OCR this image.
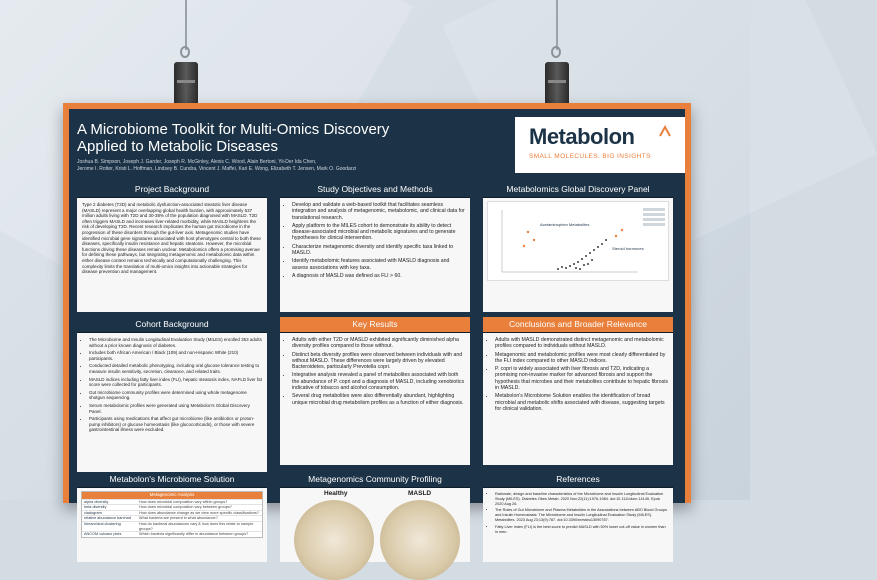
A Microbiome Toolkit for Multi-Omics Discovery
Applied to Metabolic Diseases
Joshua B. Simpson, Joseph J. Garder, Joseph R. McGinley, Alexis C. Wood, Alain Bertoni, Yii-Der Ida Chen,
Jerome I. Rotter, Kristi L. Hoffman, Lindsey B. Cundra, Vincent J. Maffei, Kari E. Wong, Elizabeth T. Jensen, Mark O. Goodarzi
Metabolon
SMALL MOLECULES. BIG INSIGHTS
Project Background

Type 2 diabetes (T2D) and metabolic dysfunction-associated steatotic liver disease (MASLD) represent a major overlapping global health burden, with approximately 537 million adults living with T2D and 30-38% of the population diagnosed with MASLD. T2D often triggers MASLD and increases liver-related morbidity, while MASLD heightens the risk of developing T2D. Recent research implicates the human gut microbiome in the progression of these disorders through the gut-liver axis. Metagenomic studies have identified microbial gene signatures associated with host phenotypes central to both these diseases, specifically insulin resistance and hepatic steatosis. However, the microbial functions driving these diseases remain unclear. Metabolomics offers a promising avenue for defining these pathways, but integrating metagenomic and metabolomic data within either disease context remains technically and computationally challenging. This complexity limits the translation of multi-omics insights into actionable strategies for disease prevention and management.

Cohort Background
• The Microbiome and Insulin Longitudinal Evaluation Study (MILES) enrolled 353 adults without a prior known diagnosis of diabetes.
• Includes both African American / Black (109) and non-Hispanic White (210) participants.
• Conducted detailed metabolic phenotyping, including oral glucose tolerance testing to measure insulin sensitivity, secretion, clearance, and related traits.
• MASLD indices including fatty liver index (FLI), hepatic steatosis index, NAFLD liver fat score were collected for participants.
• Gut microbiome community profiles were determined using whole metagenome shotgun sequencing.
• Serum metabolomic profiles were generated using Metabolon's Global Discovery Panel.
• Participants using medications that affect gut microbiome (like antibiotics or proton-pump inhibitors) or glucose homeostasis (like glucocorticoids), or those with severe gastrointestinal illness were excluded.
Metabolon's Microbiome Solution
Metagenomic Analysis
alpha diversity	How does microbial composition vary within groups?
beta diversity	How does microbial composition vary between groups?
cladogram	How does abundance change as we view more specific classifications?
relative abundance barchart	What bacteria are present in what abundance?
hierarchical clustering	How do bacterial abundances vary & how does this relate to sample groups?
ANCOM volcano plots	Which bacteria significantly differ in abundance between groups?
Study Objectives and Methods
• Develop and validate a web-based toolkit that facilitates seamless integration and analysis of metagenomic, metabolomic, and clinical data for translational research.
• Apply platform to the MILES cohort to demonstrate its ability to detect disease-associated microbial and metabolic signatures and to generate hypotheses for clinical intervention.
• Characterize metagenomic diversity and identify specific taxa linked to MASLD.
• Identify metabolomic features associated with MASLD diagnosis and assess associations with key taxa.
• A diagnosis of MASLD was defined as FLI > 60.
Key Results
• Adults with either T2D or MASLD exhibited significantly diminished alpha diversity profiles compared to those without.
• Distinct beta diversity profiles were observed between individuals with and without MASLD. These differences were largely driven by elevated Bacteroidetes, particularly Prevotella copri.
• Integrative analysis revealed a panel of metabolites associated with both the abundance of P. copri and a diagnosis of MASLD, including xenobiotics indicative of tobacco and alcohol consumption.
• Several drug metabolites were also differentially abundant, highlighting unique microbial drug metabolism profiles as a function of either diagnosis.
Metagenomics Community Profiling
Healthy	MASLD
Metabolomics Global Discovery Panel
Acetaminophen Metabolites
Steroid hormones
Conclusions and Broader Relevance
• Adults with MASLD demonstrated distinct metagenomic and metabolomic profiles compared to individuals without MASLD.
• Metagenomic and metabolomic profiles were most clearly differentiated by the FLI index compared to other MASLD indices.
• P. copri is widely associated with liver fibrosis and T2D, indicating a promising non-invasive marker for advanced fibrosis and support the hypothesis that microbes and their metabolites contribute to hepatic fibrosis in MASLD.
• Metabolon's Microbiome Solution enables the identification of broad microbial and metabolic shifts associated with disease, suggesting targets for clinical validation.
References
• Rationale, design and baseline characteristics of the Microbiome and Insulin Longitudinal Evaluation Study (MILES). Diabetes Obes Metab. 2020 Nov;22(11):1976-1984. doi:10.1111/dom.14145. Epub 2020 Aug 26.
• The Roles of Gut Microbiome and Plasma Metabolites in the Associations between ABO Blood Groups and Insulin Homeostasis: The Microbiome and Insulin Longitudinal Evaluation Study (MILES). Metabolites. 2023 Aug 23;13(9):787. doi:10.3390/metabo13090787.
• Fatty Liver Index (FLI) is the best score to predict MASLD with 50% lower cut-off value in women than in men.
